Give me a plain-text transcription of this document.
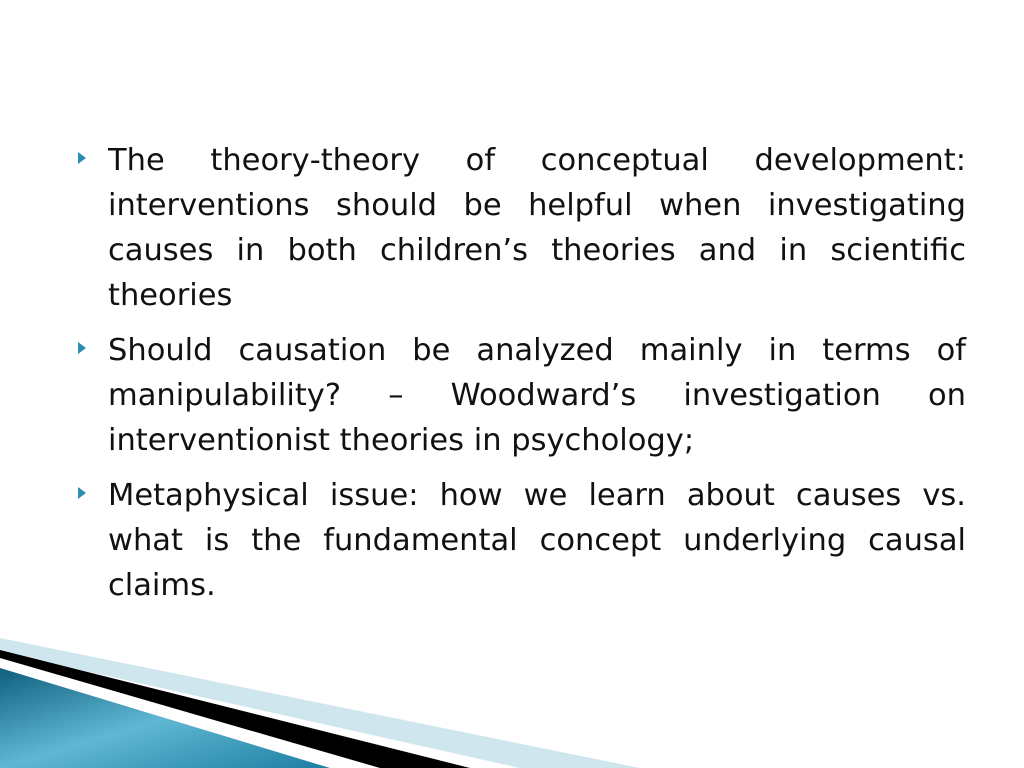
The theory‑theory of conceptual development: interventions should be helpful when investigating causes in both children’s theories and in scientific theories
Should causation be analyzed mainly in terms of manipulability? – Woodward’s investigation on interventionist theories in psychology;
Metaphysical issue: how we learn about causes vs. what is the fundamental concept underlying causal claims.
